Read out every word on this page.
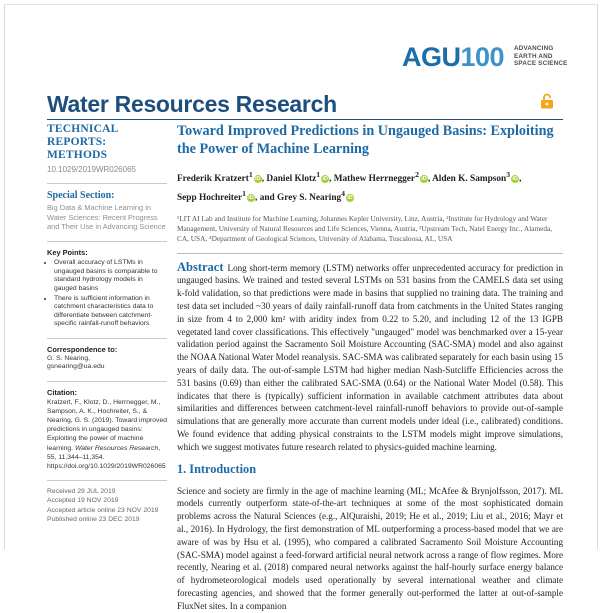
AGU100 ADVANCING
EARTH AND
SPACE SCIENCE
Water Resources Research
TECHNICAL
REPORTS: METHODS
10.1029/2019WR026065
Special Section:
Big Data & Machine Learning in Water Sciences: Recent Progress and Their Use in Advancing Science
Key Points:
• Overall accuracy of LSTMs in ungauged basins is comparable to standard hydrology models in gauged basins
• There is sufficient information in catchment characteristics data to differentiate between catchment-specific rainfall-runoff behaviors
Correspondence to:
G. S. Nearing,
gsnearing@ua.edu
Citation:
Kratzert, F., Klotz, D., Herrnegger, M., Sampson, A. K., Hochreiter, S., & Nearing, G. S. (2019). Toward improved predictions in ungauged basins: Exploiting the power of machine learning. Water Resources Research, 55, 11,344–11,354. https://doi.org/10.1029/2019WR026065
Received 29 JUL 2019
Accepted 19 NOV 2019
Accepted article online 23 NOV 2019
Published online 23 DEC 2019
Toward Improved Predictions in Ungauged Basins: Exploiting the Power of Machine Learning
Frederik Kratzert$^1$iD, Daniel Klotz$^1$iD, Mathew Herrnegger$^2$iD, Alden K. Sampson$^3$iD,
Sepp Hochreiter$^1$iD, and Grey S. Nearing$^4$iD
¹LIT AI Lab and Institute for Machine Learning, Johannes Kepler University, Linz, Austria, ²Institute for Hydrology and Water Management, University of Natural Resources and Life Sciences, Vienna, Austria, ³Upstream Tech, Natel Energy Inc., Alameda, CA, USA, ⁴Department of Geological Sciences, University of Alabama, Tuscaloosa, AL, USA
Abstract Long short-term memory (LSTM) networks offer unprecedented accuracy for prediction in ungauged basins. We trained and tested several LSTMs on 531 basins from the CAMELS data set using k-fold validation, so that predictions were made in basins that supplied no training data. The training and test data set included ~30 years of daily rainfall-runoff data from catchments in the United States ranging in size from 4 to 2,000 km² with aridity index from 0.22 to 5.20, and including 12 of the 13 IGPB vegetated land cover classifications. This effectively "ungauged" model was benchmarked over a 15-year validation period against the Sacramento Soil Moisture Accounting (SAC-SMA) model and also against the NOAA National Water Model reanalysis. SAC-SMA was calibrated separately for each basin using 15 years of daily data. The out-of-sample LSTM had higher median Nash-Sutcliffe Efficiencies across the 531 basins (0.69) than either the calibrated SAC-SMA (0.64) or the National Water Model (0.58). This indicates that there is (typically) sufficient information in available catchment attributes data about similarities and differences between catchment-level rainfall-runoff behaviors to provide out-of-sample simulations that are generally more accurate than current models under ideal (i.e., calibrated) conditions. We found evidence that adding physical constraints to the LSTM models might improve simulations, which we suggest motivates future research related to physics-guided machine learning.
1. Introduction
Science and society are firmly in the age of machine learning (ML; McAfee & Brynjolfsson, 2017). ML models currently outperform state-of-the-art techniques at some of the most sophisticated domain problems across the Natural Sciences (e.g., AlQuraishi, 2019; He et al., 2019; Liu et al., 2016; Mayr et al., 2016). In Hydrology, the first demonstration of ML outperforming a process-based model that we are aware of was by Hsu et al. (1995), who compared a calibrated Sacramento Soil Moisture Accounting (SAC-SMA) model against a feed-forward artificial neural network across a range of flow regimes. More recently, Nearing et al. (2018) compared neural networks against the half-hourly surface energy balance of hydrometeorological models used operationally by several international weather and climate forecasting agencies, and showed that the former generally out-performed the latter at out-of-sample FluxNet sites. In a companion
